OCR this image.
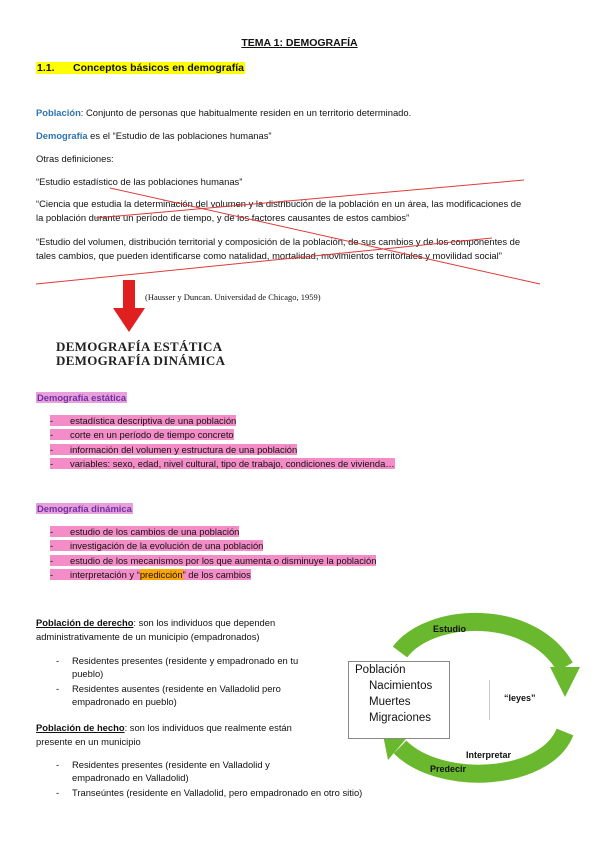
TEMA 1: DEMOGRAFÍA
1.1. Conceptos básicos en demografía
Población: Conjunto de personas que habitualmente residen en un territorio determinado.
Demografía es el “Estudio de las poblaciones humanas”
Otras definiciones:
“Estudio estadístico de las poblaciones humanas”
“Ciencia que estudia la determinación del volumen y la distribución de la población en un área, las modificaciones de
la población durante un período de tiempo, y de los factores causantes de estos cambios”
“Estudio del volumen, distribución territorial y composición de la población, de sus cambios y de los componentes de
tales cambios, que pueden identificarse como natalidad, mortalidad, movimientos territoriales y movilidad social”
(Hausser y Duncan. Universidad de Chicago, 1959)
DEMOGRAFÍA ESTÁTICA
DEMOGRAFÍA DINÁMICA
Demografía estática
- estadística descriptiva de una población
- corte en un período de tiempo concreto
- información del volumen y estructura de una población
- variables: sexo, edad, nivel cultural, tipo de trabajo, condiciones de vivienda…
Demografía dinámica
- estudio de los cambios de una población
- investigación de la evolución de una población
- estudio de los mecanismos por los que aumenta o disminuye la población
- interpretación y “predicción” de los cambios
Población de derecho: son los individuos que dependen
administrativamente de un municipio (empadronados)
- Residentes presentes (residente y empadronado en tu
pueblo)
- Residentes ausentes (residente en Valladolid pero
empadronado en pueblo)
Población de hecho: son los individuos que realmente están
presente en un municipio
- Residentes presentes (residente en Valladolid y
empadronado en Valladolid)
- Transeúntes (residente en Valladolid, pero empadronado en otro sitio)
Estudio
Población
Nacimientos
Muertes
Migraciones
“leyes”
Interpretar
Predecir
